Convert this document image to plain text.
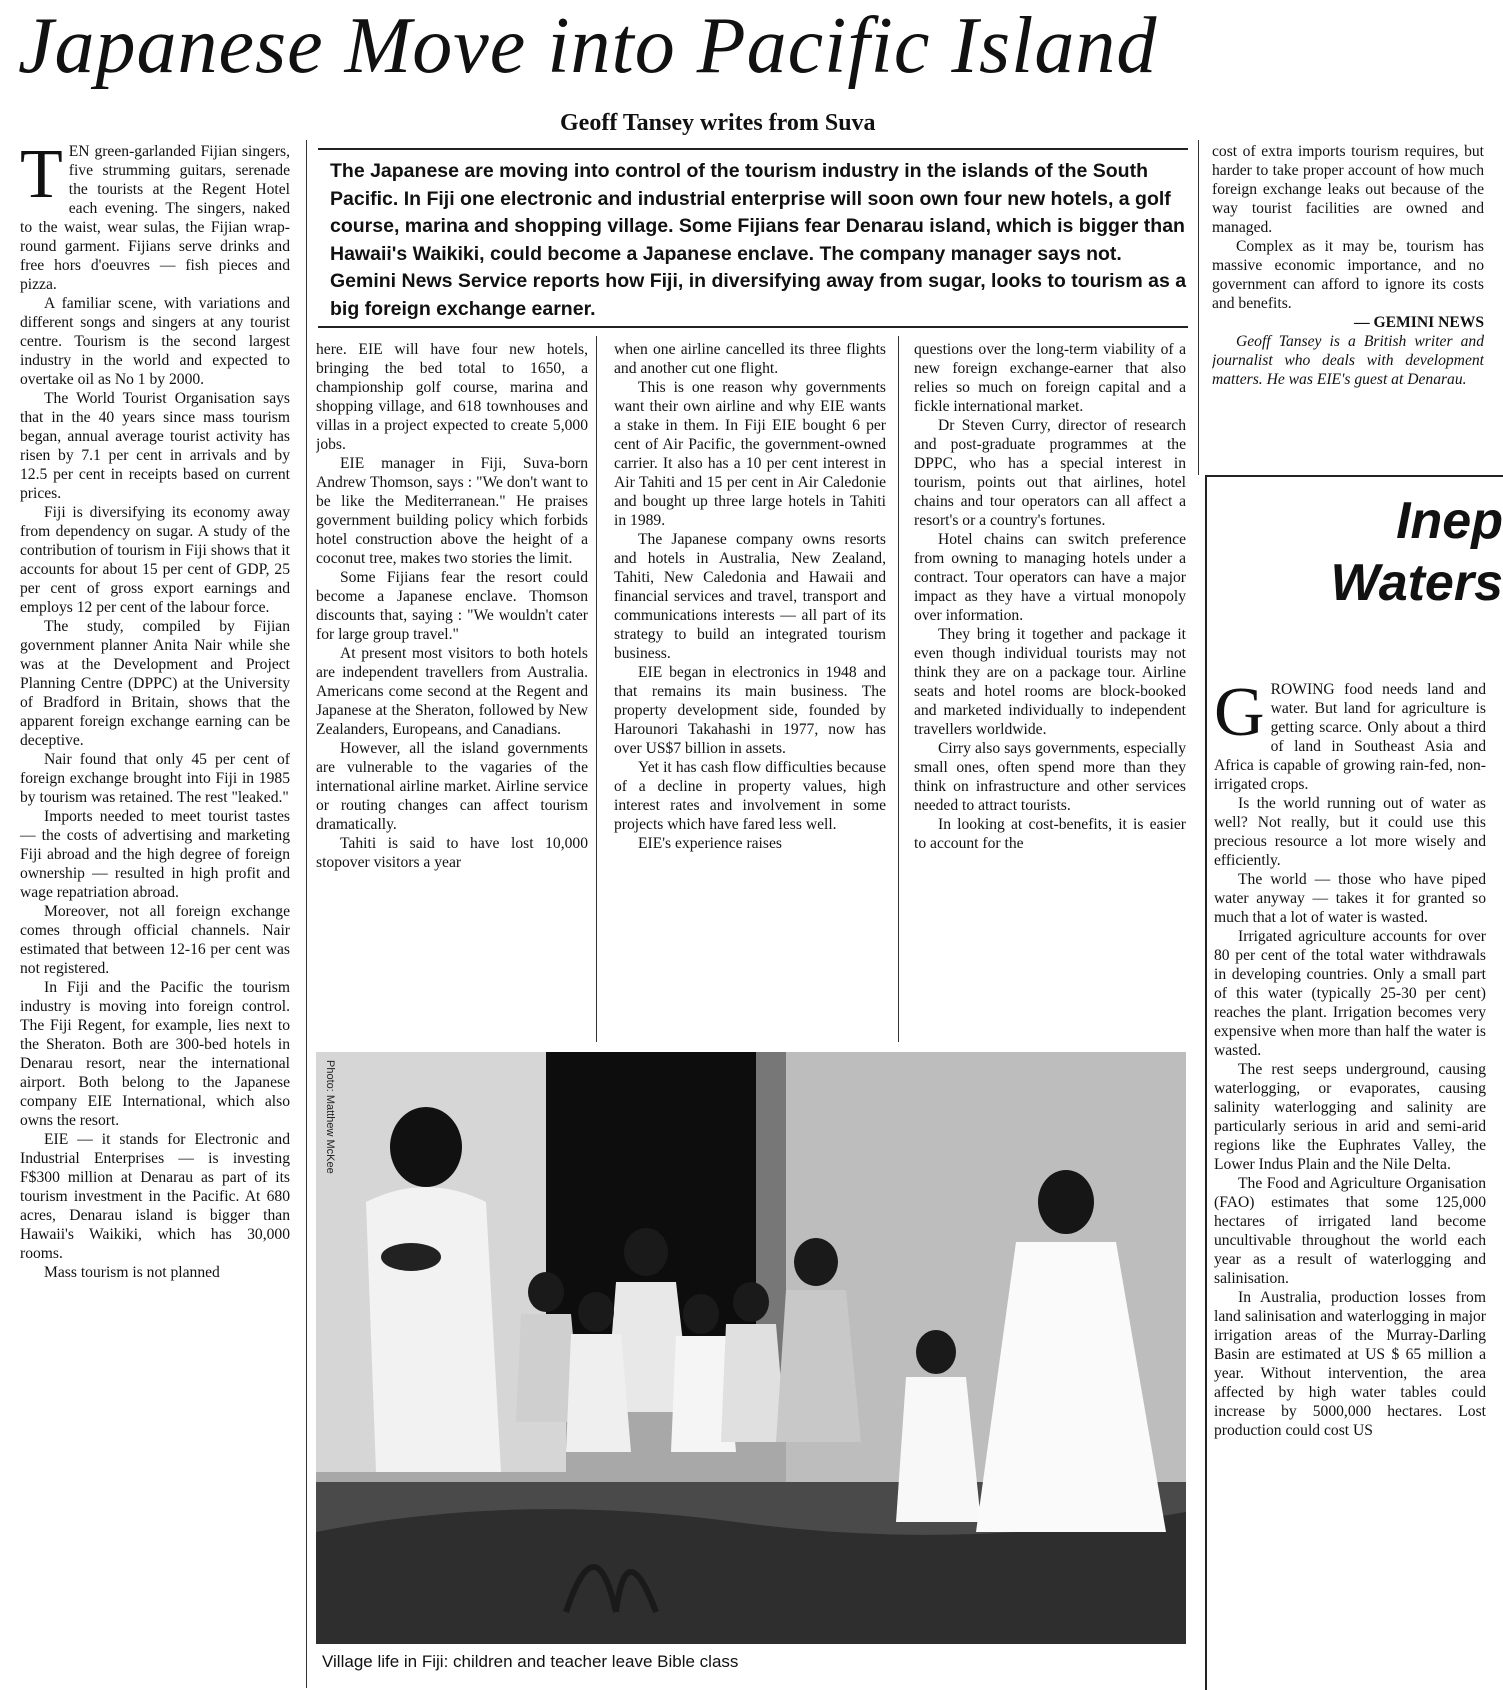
Japanese Move into Pacific Island
Geoff Tansey writes from Suva
The Japanese are moving into control of the tourism industry in the islands of the South Pacific. In Fiji one electronic and industrial enterprise will soon own four new hotels, a golf course, marina and shopping village. Some Fijians fear Denarau island, which is bigger than Hawaii's Waikiki, could become a Japanese enclave. The company manager says not. Gemini News Service reports how Fiji, in diversifying away from sugar, looks to tourism as a big foreign exchange earner.
T EN green-garlanded Fijian singers, five strumming guitars, serenade the tourists at the Regent Hotel each evening. The singers, naked to the waist, wear sulas, the Fijian wrap-round garment. Fijians serve drinks and free hors d'oeuvres — fish pieces and pizza.

A familiar scene, with variations and different songs and singers at any tourist centre. Tourism is the second largest industry in the world and expected to overtake oil as No 1 by 2000.

The World Tourist Organisation says that in the 40 years since mass tourism began, annual average tourist activity has risen by 7.1 per cent in arrivals and by 12.5 per cent in receipts based on current prices.

Fiji is diversifying its economy away from dependency on sugar. A study of the contribution of tourism in Fiji shows that it accounts for about 15 per cent of GDP, 25 per cent of gross export earnings and employs 12 per cent of the labour force.

The study, compiled by Fijian government planner Anita Nair while she was at the Development and Project Planning Centre (DPPC) at the University of Bradford in Britain, shows that the apparent foreign exchange earning can be deceptive.

Nair found that only 45 per cent of foreign exchange brought into Fiji in 1985 by tourism was retained. The rest "leaked."

Imports needed to meet tourist tastes — the costs of advertising and marketing Fiji abroad and the high degree of foreign ownership — resulted in high profit and wage repatriation abroad.

Moreover, not all foreign exchange comes through official channels. Nair estimated that between 12-16 per cent was not registered.

In Fiji and the Pacific the tourism industry is moving into foreign control. The Fiji Regent, for example, lies next to the Sheraton. Both are 300-bed hotels in Denarau resort, near the international airport. Both belong to the Japanese company EIE International, which also owns the resort.

EIE — it stands for Electronic and Industrial Enterprises — is investing F$300 million at Denarau as part of its tourism investment in the Pacific. At 680 acres, Denarau island is bigger than Hawaii's Waikiki, which has 30,000 rooms.

Mass tourism is not planned

here. EIE will have four new hotels, bringing the bed total to 1650, a championship golf course, marina and shopping village, and 618 townhouses and villas in a project expected to create 5,000 jobs.

EIE manager in Fiji, Suva-born Andrew Thomson, says : "We don't want to be like the Mediterranean." He praises government building policy which forbids hotel construction above the height of a coconut tree, makes two stories the limit.

Some Fijians fear the resort could become a Japanese enclave. Thomson discounts that, saying : "We wouldn't cater for large group travel."

At present most visitors to both hotels are independent travellers from Australia. Americans come second at the Regent and Japanese at the Sheraton, followed by New Zealanders, Europeans, and Canadians.

However, all the island governments are vulnerable to the vagaries of the international airline market. Airline service or routing changes can affect tourism dramatically.

Tahiti is said to have lost 10,000 stopover visitors a year

when one airline cancelled its three flights and another cut one flight.

This is one reason why governments want their own airline and why EIE wants a stake in them. In Fiji EIE bought 6 per cent of Air Pacific, the government-owned carrier. It also has a 10 per cent interest in Air Tahiti and 15 per cent in Air Caledonie and bought up three large hotels in Tahiti in 1989.

The Japanese company owns resorts and hotels in Australia, New Zealand, Tahiti, New Caledonia and Hawaii and financial services and travel, transport and communications interests — all part of its strategy to build an integrated tourism business.

EIE began in electronics in 1948 and that remains its main business. The property development side, founded by Harounori Takahashi in 1977, now has over US$7 billion in assets.

Yet it has cash flow difficulties because of a decline in property values, high interest rates and involvement in some projects which have fared less well.

EIE's experience raises

questions over the long-term viability of a new foreign exchange-earner that also relies so much on foreign capital and a fickle international market.

Dr Steven Curry, director of research and post-graduate programmes at the DPPC, who has a special interest in tourism, points out that airlines, hotel chains and tour operators can all affect a resort's or a country's fortunes.

Hotel chains can switch preference from owning to managing hotels under a contract. Tour operators can have a major impact as they have a virtual monopoly over information.

They bring it together and package it even though individual tourists may not think they are on a package tour. Airline seats and hotel rooms are block-booked and marketed individually to independent travellers worldwide.

Cirry also says governments, especially small ones, often spend more than they think on infrastructure and other services needed to attract tourists.

In looking at cost-benefits, it is easier to account for the

cost of extra imports tourism requires, but harder to take proper account of how much foreign exchange leaks out because of the way tourist facilities are owned and managed.

Complex as it may be, tourism has massive economic importance, and no government can afford to ignore its costs and benefits.

— GEMINI NEWS

Geoff Tansey is a British writer and journalist who deals with development matters. He was EIE's guest at Denarau.

Photo: Matthew McKee
Village life in Fiji: children and teacher leave Bible class
Inep
Waters
G ROWING food needs land and water. But land for agriculture is getting scarce. Only about a third of land in Southeast Asia and Africa is capable of growing rain-fed, non-irrigated crops.

Is the world running out of water as well? Not really, but it could use this precious resource a lot more wisely and efficiently.

The world — those who have piped water anyway — takes it for granted so much that a lot of water is wasted.

Irrigated agriculture accounts for over 80 per cent of the total water withdrawals in developing countries. Only a small part of this water (typically 25-30 per cent) reaches the plant. Irrigation becomes very expensive when more than half the water is wasted.

The rest seeps underground, causing waterlogging, or evaporates, causing salinity waterlogging and salinity are particularly serious in arid and semi-arid regions like the Euphrates Valley, the Lower Indus Plain and the Nile Delta.

The Food and Agriculture Organisation (FAO) estimates that some 125,000 hectares of irrigated land become uncultivable throughout the world each year as a result of waterlogging and salinisation.

In Australia, production losses from land salinisation and waterlogging in major irrigation areas of the Murray-Darling Basin are estimated at US $ 65 million a year. Without intervention, the area affected by high water tables could increase by 5000,000 hectares. Lost production could cost US
